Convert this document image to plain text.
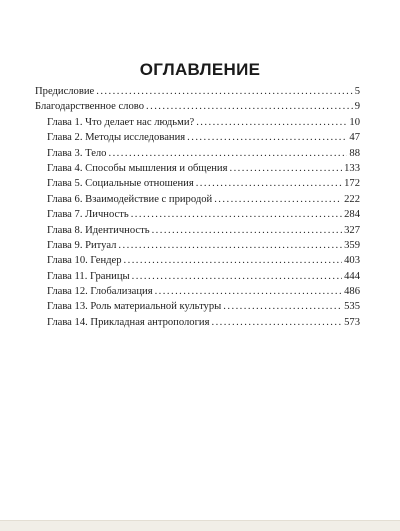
ОГЛАВЛЕНИЕ
Предисловие . . .	5
Благодарственное слово . . .	9
Глава 1. Что делает нас людьми? . . .	10
Глава 2. Методы исследования . . .	47
Глава 3. Тело . . .	88
Глава 4. Способы мышления и общения . . .	133
Глава 5. Социальные отношения . . .	172
Глава 6. Взаимодействие с природой . . .	222
Глава 7. Личность . . .	284
Глава 8. Идентичность . . .	327
Глава 9. Ритуал . . .	359
Глава 10. Гендер . . .	403
Глава 11. Границы . . .	444
Глава 12. Глобализация . . .	486
Глава 13. Роль материальной культуры . . .	535
Глава 14. Прикладная антропология . . .	573
